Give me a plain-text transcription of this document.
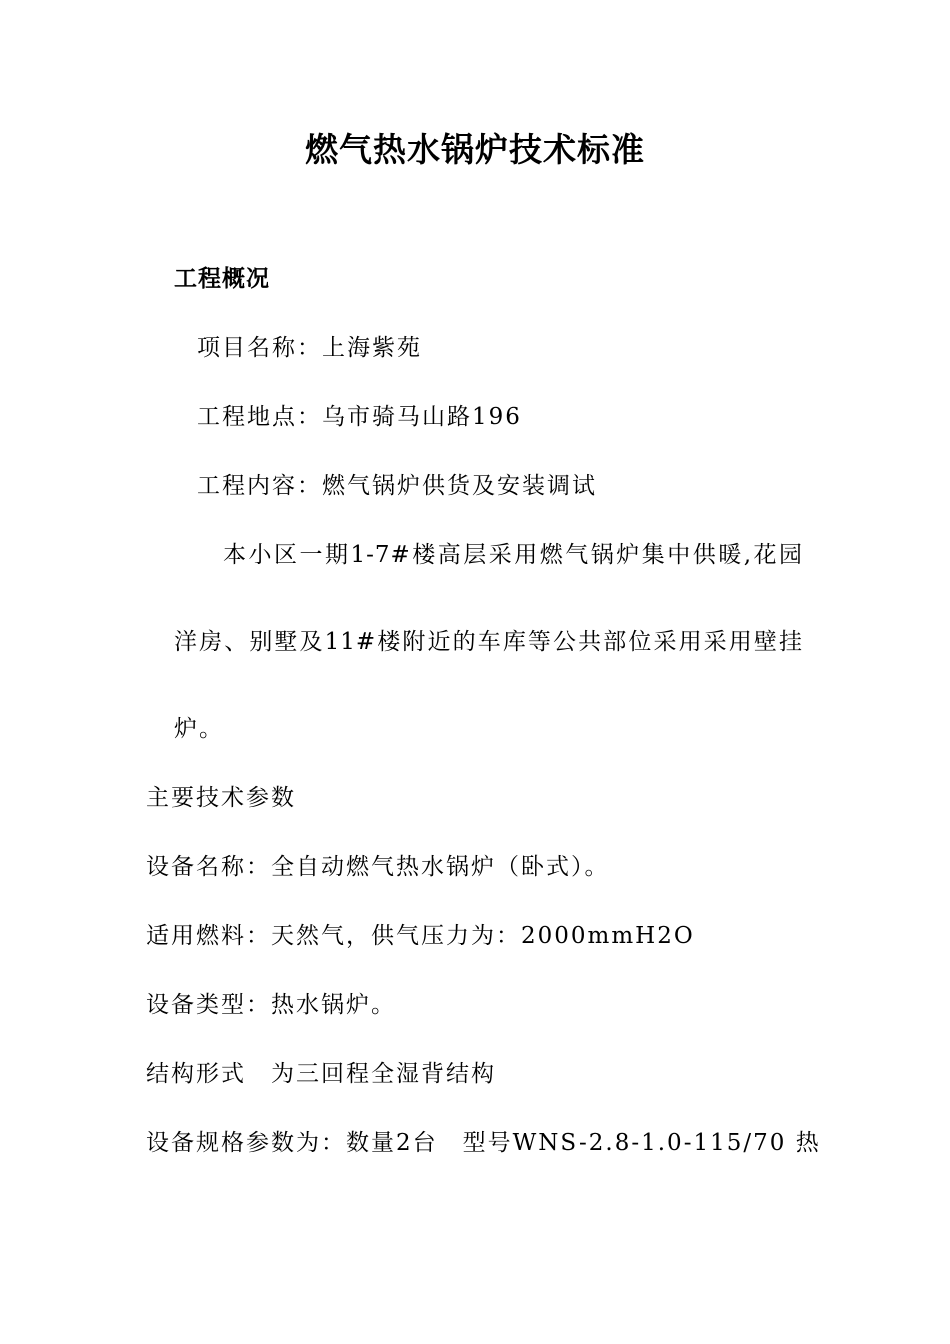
燃气热水锅炉技术标准
工程概况
项目名称：上海紫苑
工程地点：乌市骑马山路196
工程内容：燃气锅炉供货及安装调试
本小区一期1-7#楼高层采用燃气锅炉集中供暖,花园
洋房、别墅及11#楼附近的车库等公共部位采用采用壁挂
炉。
主要技术参数
设备名称：全自动燃气热水锅炉（卧式）。
适用燃料：天然气，供气压力为：2000mmH2O
设备类型：热水锅炉。
结构形式　为三回程全湿背结构
设备规格参数为：数量2台　型号WNS-2.8-1.0-115/70 热
